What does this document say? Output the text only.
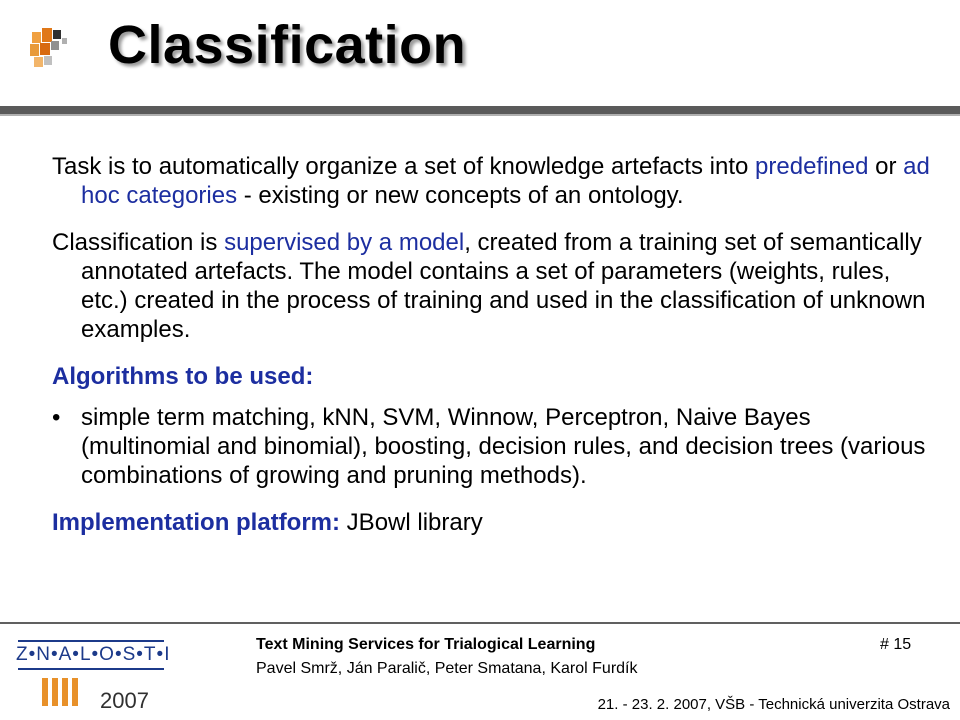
Classification

Task is to automatically organize a set of knowledge artefacts into predefined or ad hoc categories - existing or new concepts of an ontology.

Classification is supervised by a model, created from a training set of semantically annotated artefacts. The model contains a set of parameters (weights, rules, etc.) created in the process of training and used in the classification of unknown examples.

Algorithms to be used:

• simple term matching, kNN, SVM, Winnow, Perceptron, Naive Bayes (multinomial and binomial), boosting, decision rules, and decision trees (various combinations of growing and pruning methods).

Implementation platform: JBowl library

Z•N•A•L•O•S•T•I
2007
Text Mining Services for Trialogical Learning
Pavel Smrž, Ján Paralič, Peter Smatana, Karol Furdík
# 15
21. - 23. 2. 2007, VŠB - Technická univerzita Ostrava
